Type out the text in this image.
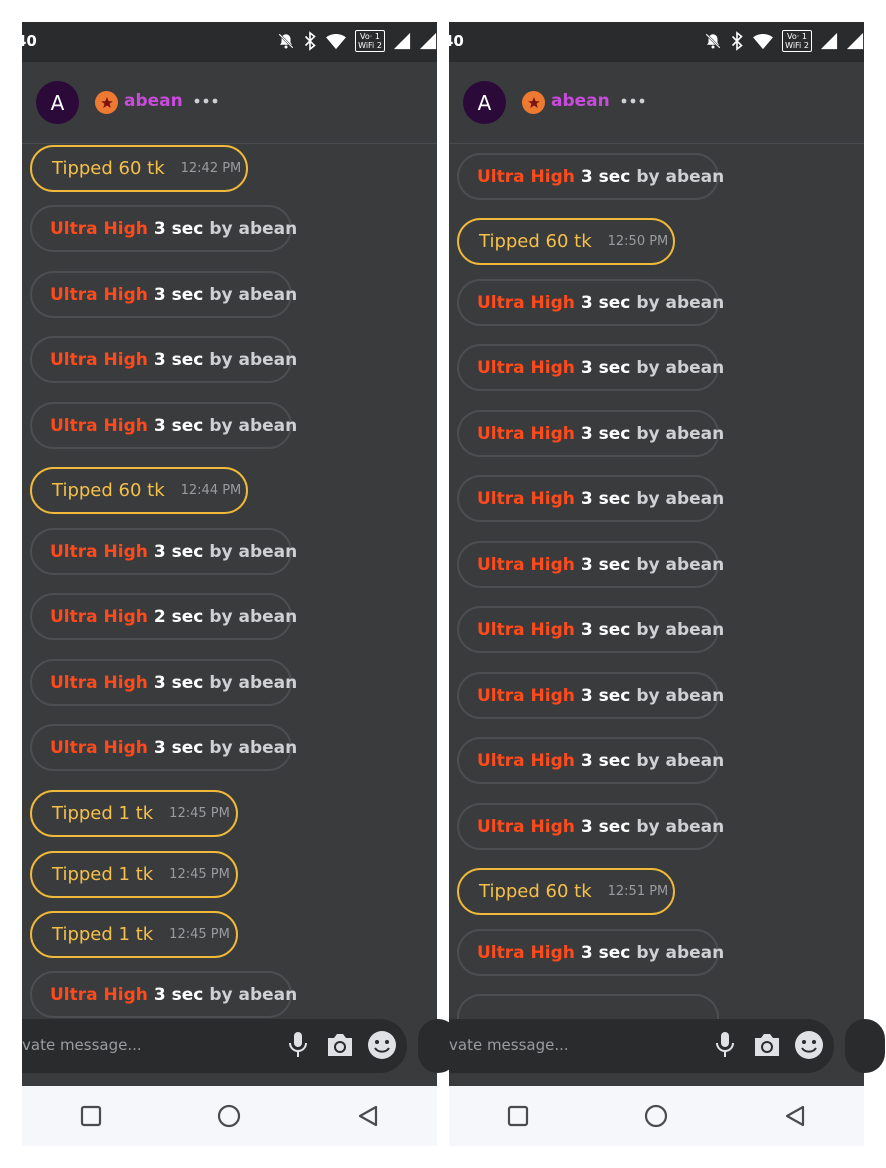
40	Vo· 1
WiFi 2
A	abean
Tipped 60 tk 12:42 PM
Ultra High 3 sec by abean
Ultra High 3 sec by abean
Ultra High 3 sec by abean
Ultra High 3 sec by abean
Tipped 60 tk 12:44 PM
Ultra High 3 sec by abean
Ultra High 2 sec by abean
Ultra High 3 sec by abean
Ultra High 3 sec by abean
Tipped 1 tk 12:45 PM
Tipped 1 tk 12:45 PM
Tipped 1 tk 12:45 PM
Ultra High 3 sec by abean
vate message...
40	Vo· 1
WiFi 2
A	abean
Ultra High 3 sec by abean
Tipped 60 tk 12:50 PM
Ultra High 3 sec by abean
Ultra High 3 sec by abean
Ultra High 3 sec by abean
Ultra High 3 sec by abean
Ultra High 3 sec by abean
Ultra High 3 sec by abean
Ultra High 3 sec by abean
Ultra High 3 sec by abean
Ultra High 3 sec by abean
Tipped 60 tk 12:51 PM
Ultra High 3 sec by abean
vate message...
